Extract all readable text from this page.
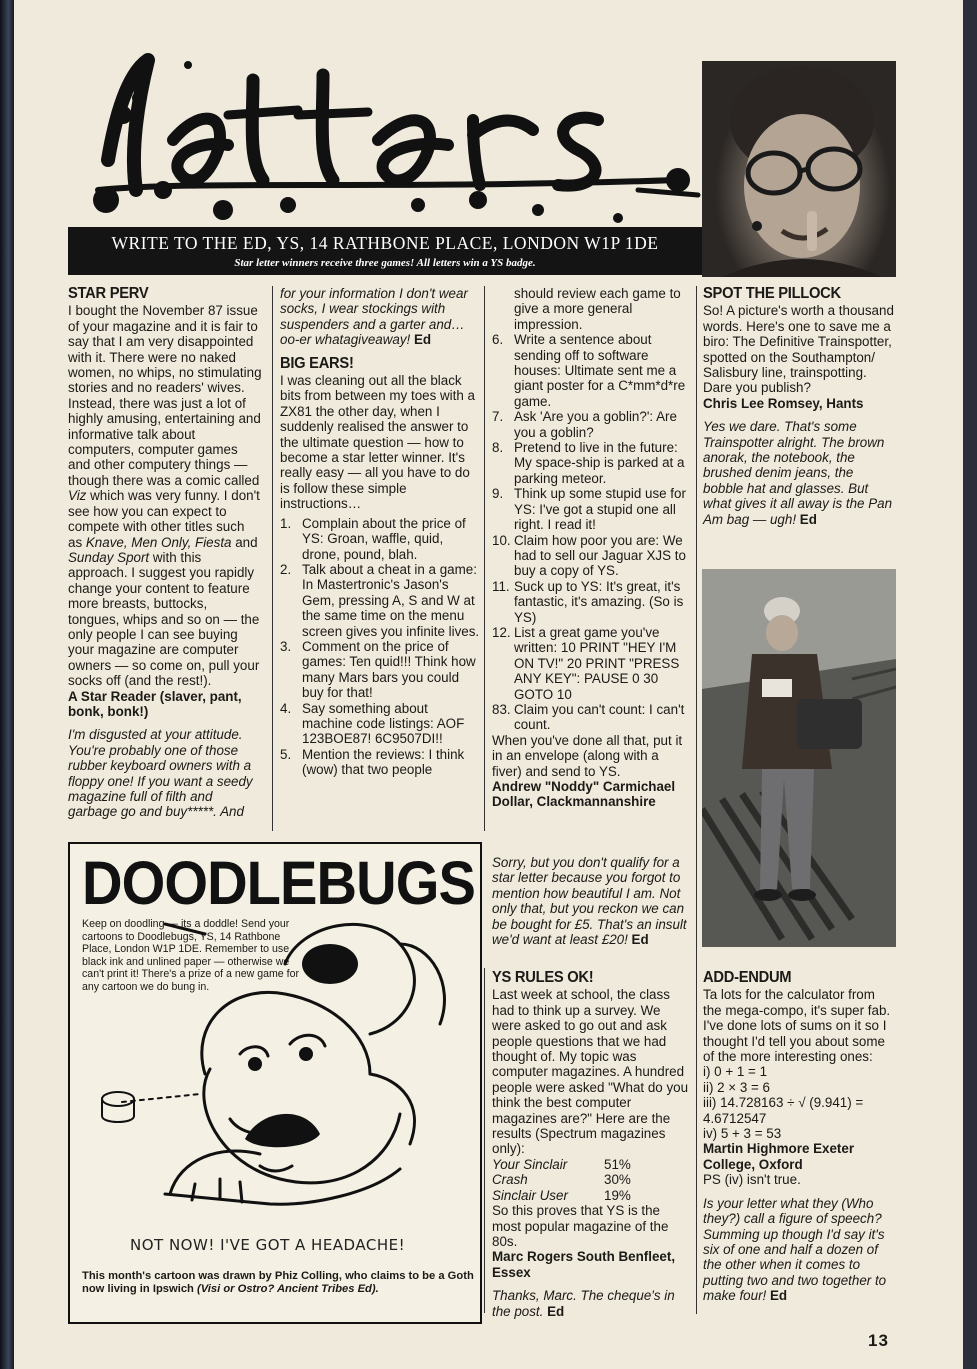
WRITE TO THE ED, YS, 14 RATHBONE PLACE, LONDON W1P 1DE
Star letter winners receive three games! All letters win a YS badge.
STAR PERV

I bought the November 87 issue of your magazine and it is fair to say that I am very disappointed with it. There were no naked women, no whips, no stimulating stories and no readers' wives. Instead, there was just a lot of highly amusing, entertaining and informative talk about computers, computer games and other computery things — though there was a comic called Viz which was very funny. I don't see how you can expect to compete with other titles such as Knave, Men Only, Fiesta and Sunday Sport with this approach. I suggest you rapidly change your content to feature more breasts, buttocks, tongues, whips and so on — the only people I can see buying your magazine are computer owners — so come on, pull your socks off (and the rest!).

A Star Reader (slaver, pant, bonk, bonk!)

I'm disgusted at your attitude. You're probably one of those rubber keyboard owners with a floppy one! If you want a seedy magazine full of filth and

garbage go and buy*****. And

for your information I don't wear socks, I wear stockings with suspenders and a garter and… oo-er whatagiveaway! Ed

BIG EARS!

I was cleaning out all the black bits from between my toes with a ZX81 the other day, when I suddenly realised the answer to the ultimate question — how to become a star letter winner. It's really easy — all you have to do is follow these simple instructions…

1. Complain about the price of YS: Groan, waffle, quid, drone, pound, blah.
2. Talk about a cheat in a game: In Mastertronic's Jason's Gem, pressing A, S and W at the same time on the menu screen gives you infinite lives.
3. Comment on the price of games: Ten quid!!! Think how many Mars bars you could buy for that!
4. Say something about machine code listings: AOF 123BOE87! 6C9507DI!!
5. Mention the reviews: I think (wow) that two people

should review each game to give a more general impression.

6. Write a sentence about sending off to software houses: Ultimate sent me a giant poster for a C*mm*d*re game.
7. Ask 'Are you a goblin?': Are you a goblin?
8. Pretend to live in the future: My space-ship is parked at a parking meteor.
9. Think up some stupid use for YS: I've got a stupid one all right. I read it!
10. Claim how poor you are: We had to sell our Jaguar XJS to buy a copy of YS.
11. Suck up to YS: It's great, it's fantastic, it's amazing. (So is YS)
12. List a great game you've written: 10 PRINT "HEY I'M ON TV!" 20 PRINT "PRESS ANY KEY": PAUSE 0 30 GOTO 10
83. Claim you can't count: I can't count.

When you've done all that, put it in an envelope (along with a fiver) and send to YS.

Andrew "Noddy" Carmichael Dollar, Clackmannanshire

Sorry, but you don't qualify for a star letter because you forgot to mention how beautiful I am. Not only that, but you reckon we can be bought for £5. That's an insult we'd want at least £20! Ed

YS RULES OK!

Last week at school, the class had to think up a survey. We were asked to go out and ask people questions that we had thought of. My topic was computer magazines. A hundred people were asked "What do you think the best computer magazines are?" Here are the results (Spectrum magazines only):

Your Sinclair	51%
Crash	30%
Sinclair User	19%

So this proves that YS is the most popular magazine of the 80s.

Marc Rogers South Benfleet, Essex

Thanks, Marc. The cheque's in the post. Ed

SPOT THE PILLOCK

So! A picture's worth a thousand words. Here's one to save me a biro: The Definitive Trainspotter, spotted on the Southampton/ Salisbury line, trainspotting. Dare you publish?

Chris Lee Romsey, Hants

Yes we dare. That's some Trainspotter alright. The brown anorak, the notebook, the brushed denim jeans, the bobble hat and glasses. But what gives it all away is the Pan Am bag — ugh! Ed

ADD-ENDUM

Ta lots for the calculator from the mega-compo, it's super fab. I've done lots of sums on it so I thought I'd tell you about some of the more interesting ones:

i) 0 + 1 = 1

ii) 2 × 3 = 6

iii) 14.728163 ÷ √ (9.941) = 4.6712547

iv) 5 + 3 = 53

Martin Highmore Exeter College, Oxford

PS (iv) isn't true.

Is your letter what they (Who they?) call a figure of speech? Summing up though I'd say it's six of one and half a dozen of the other when it comes to putting two and two together to make four! Ed

DOODLEBUGS
Keep on doodling — its a doddle! Send your cartoons to Doodlebugs, YS, 14 Rathbone Place, London W1P 1DE. Remember to use black ink and unlined paper — otherwise we can't print it! There's a prize of a new game for any cartoon we do bung in.
NOT NOW! I'VE GOT A HEADACHE!
This month's cartoon was drawn by Phiz Colling, who claims to be a Goth now living in Ipswich (Visi or Ostro? Ancient Tribes Ed).
13
